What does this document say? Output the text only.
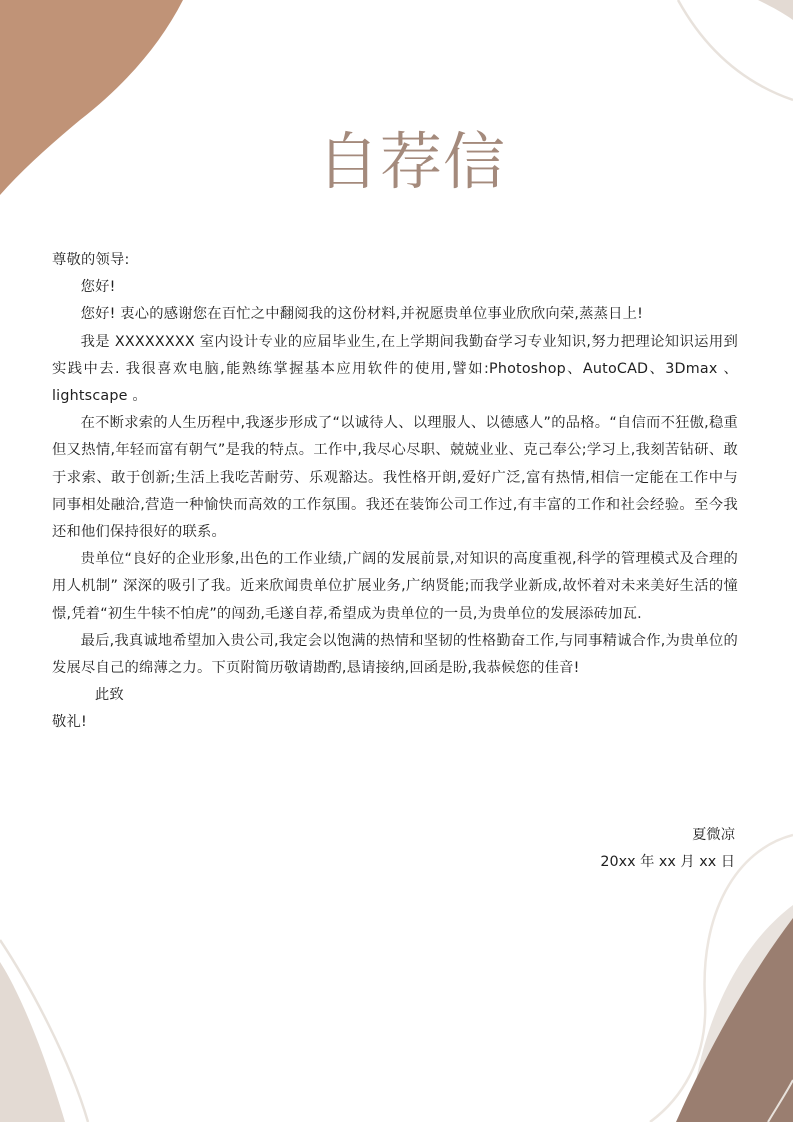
自荐信

尊敬的领导:

您好!

您好! 衷心的感谢您在百忙之中翻阅我的这份材料,并祝愿贵单位事业欣欣向荣,蒸蒸日上!

我是 XXXXXXXX 室内设计专业的应届毕业生,在上学期间我勤奋学习专业知识,努力把理论知识运用到实践中去. 我很喜欢电脑,能熟练掌握基本应用软件的使用,譬如:Photoshop、AutoCAD、3Dmax 、lightscape 。

在不断求索的人生历程中,我逐步形成了“以诚待人、以理服人、以德感人”的品格。“自信而不狂傲,稳重但又热情,年轻而富有朝气”是我的特点。工作中,我尽心尽职、兢兢业业、克己奉公;学习上,我刻苦钻研、敢于求索、敢于创新;生活上我吃苦耐劳、乐观豁达。我性格开朗,爱好广泛,富有热情,相信一定能在工作中与同事相处融洽,营造一种愉快而高效的工作氛围。我还在装饰公司工作过,有丰富的工作和社会经验。至今我还和他们保持很好的联系。

贵单位“良好的企业形象,出色的工作业绩,广阔的发展前景,对知识的高度重视,科学的管理模式及合理的用人机制” 深深的吸引了我。近来欣闻贵单位扩展业务,广纳贤能;而我学业新成,故怀着对未来美好生活的憧憬,凭着“初生牛犊不怕虎”的闯劲,毛遂自荐,希望成为贵单位的一员,为贵单位的发展添砖加瓦.

最后,我真诚地希望加入贵公司,我定会以饱满的热情和坚韧的性格勤奋工作,与同事精诚合作,为贵单位的发展尽自己的绵薄之力。下页附简历敬请勘酌,恳请接纳,回函是盼,我恭候您的佳音!

此致

敬礼!

夏微凉
20xx 年 xx 月 xx 日
